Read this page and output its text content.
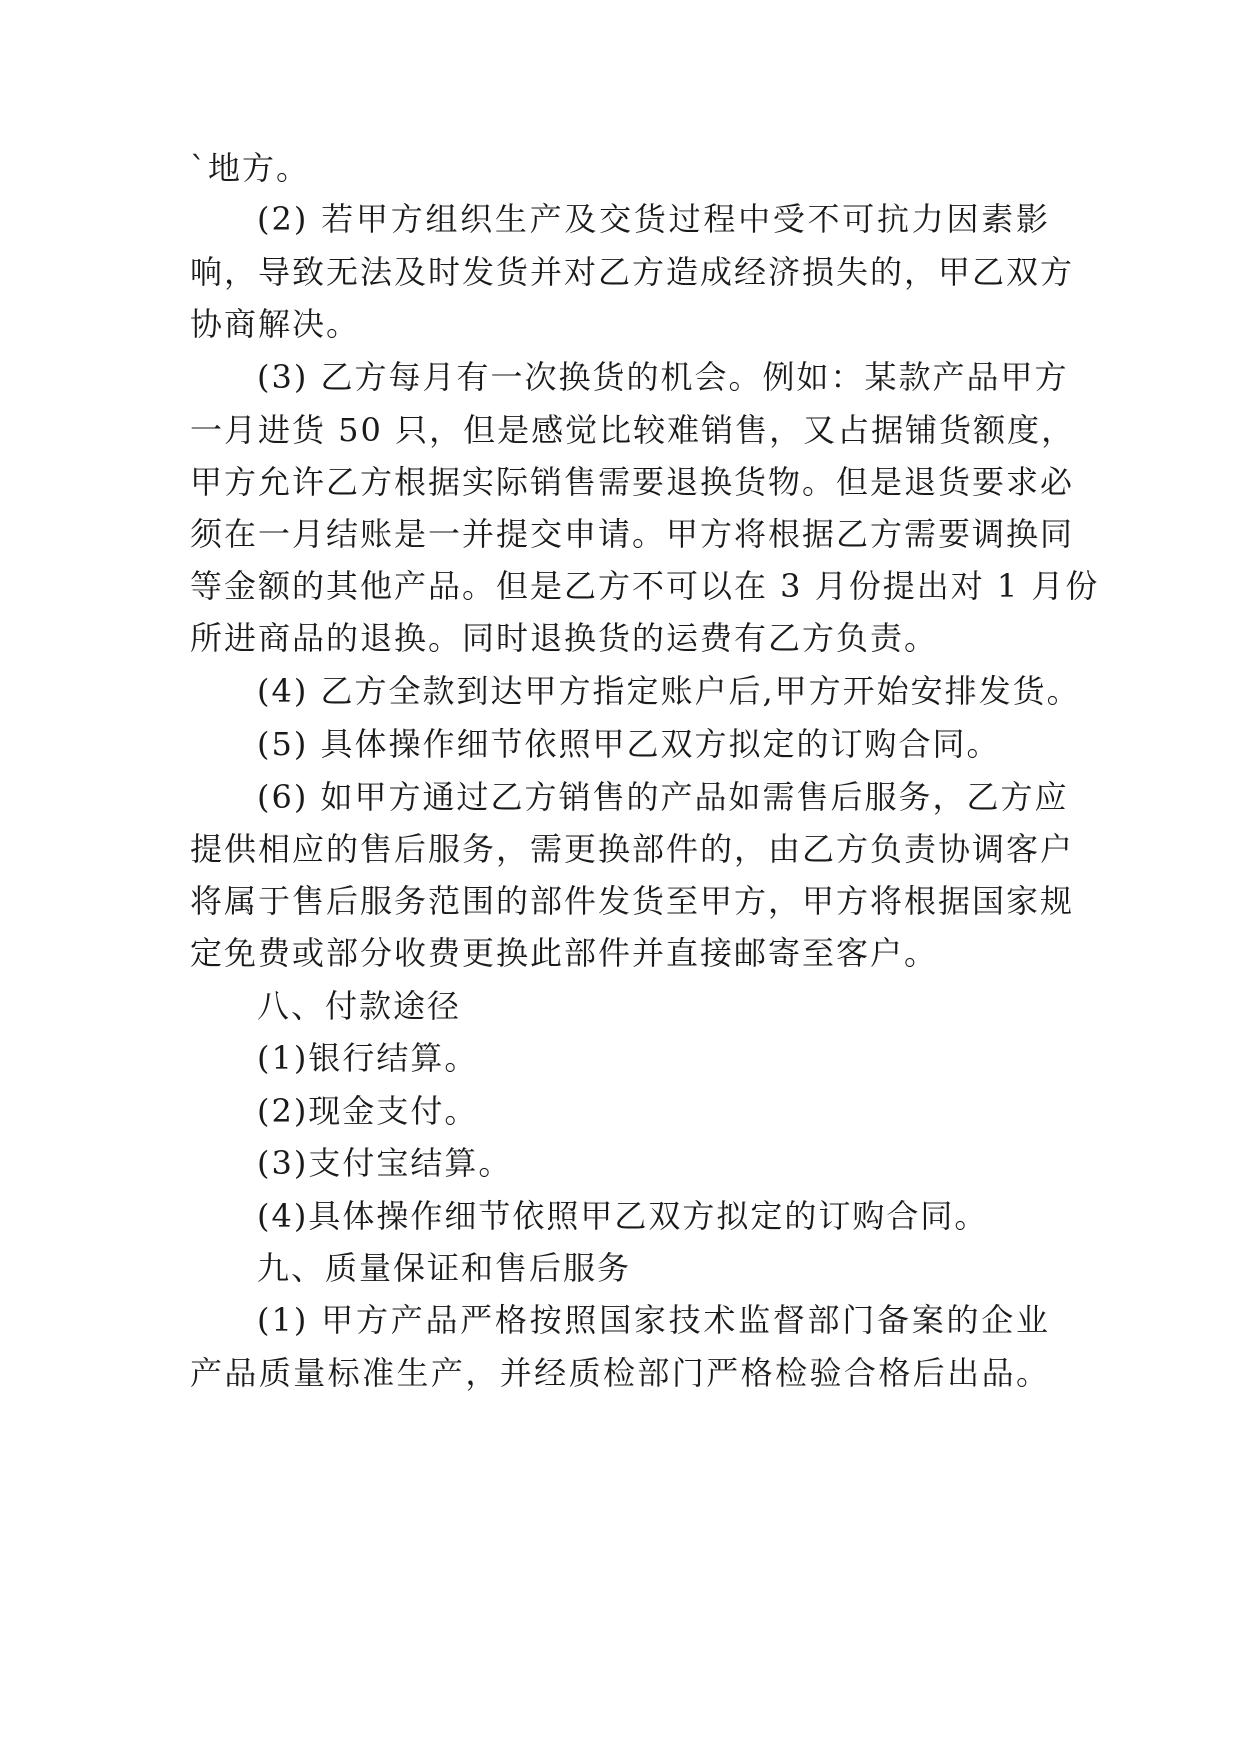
`地方。
(2) 若甲方组织生产及交货过程中受不可抗力因素影
响，导致无法及时发货并对乙方造成经济损失的，甲乙双方
协商解决。
(3) 乙方每月有一次换货的机会。例如：某款产品甲方
一月进货 50 只，但是感觉比较难销售，又占据铺货额度，
甲方允许乙方根据实际销售需要退换货物。但是退货要求必
须在一月结账是一并提交申请。甲方将根据乙方需要调换同
等金额的其他产品。但是乙方不可以在 3 月份提出对 1 月份
所进商品的退换。同时退换货的运费有乙方负责。
(4) 乙方全款到达甲方指定账户后,甲方开始安排发货。
(5) 具体操作细节依照甲乙双方拟定的订购合同。
(6) 如甲方通过乙方销售的产品如需售后服务，乙方应
提供相应的售后服务，需更换部件的，由乙方负责协调客户
将属于售后服务范围的部件发货至甲方，甲方将根据国家规
定免费或部分收费更换此部件并直接邮寄至客户。
八、付款途径
(1)银行结算。
(2)现金支付。
(3)支付宝结算。
(4)具体操作细节依照甲乙双方拟定的订购合同。
九、质量保证和售后服务
(1) 甲方产品严格按照国家技术监督部门备案的企业
产品质量标准生产，并经质检部门严格检验合格后出品。
